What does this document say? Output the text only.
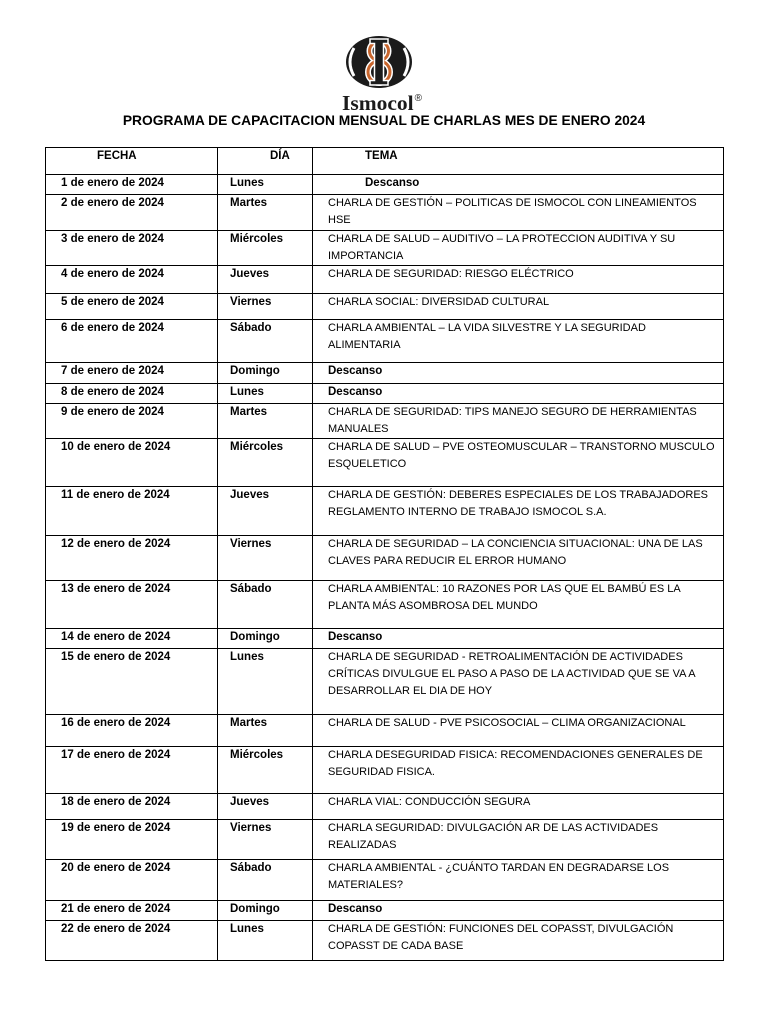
Ismocol®
PROGRAMA DE CAPACITACION MENSUAL DE CHARLAS MES DE ENERO 2024
FECHA	DÍA	TEMA
1 de enero de 2024	Lunes	Descanso
2 de enero de 2024	Martes	CHARLA DE GESTIÓN – POLITICAS DE ISMOCOL CON LINEAMIENTOS HSE
3 de enero de 2024	Miércoles	CHARLA DE SALUD – AUDITIVO – LA PROTECCION AUDITIVA Y SU IMPORTANCIA
4 de enero de 2024	Jueves	CHARLA DE SEGURIDAD: RIESGO ELÉCTRICO
5 de enero de 2024	Viernes	CHARLA SOCIAL: DIVERSIDAD CULTURAL
6 de enero de 2024	Sábado	CHARLA AMBIENTAL – LA VIDA SILVESTRE Y LA SEGURIDAD ALIMENTARIA
7 de enero de 2024	Domingo	Descanso
8 de enero de 2024	Lunes	Descanso
9 de enero de 2024	Martes	CHARLA DE SEGURIDAD: TIPS MANEJO SEGURO DE HERRAMIENTAS MANUALES
10 de enero de 2024	Miércoles	CHARLA DE SALUD – PVE OSTEOMUSCULAR – TRANSTORNO MUSCULO ESQUELETICO
11 de enero de 2024	Jueves	CHARLA DE GESTIÓN: DEBERES ESPECIALES DE LOS TRABAJADORES REGLAMENTO INTERNO DE TRABAJO ISMOCOL S.A.
12 de enero de 2024	Viernes	CHARLA DE SEGURIDAD – LA CONCIENCIA SITUACIONAL: UNA DE LAS CLAVES PARA REDUCIR EL ERROR HUMANO
13 de enero de 2024	Sábado	CHARLA AMBIENTAL: 10 RAZONES POR LAS QUE EL BAMBÚ ES LA PLANTA MÁS ASOMBROSA DEL MUNDO
14 de enero de 2024	Domingo	Descanso
15 de enero de 2024	Lunes	CHARLA DE SEGURIDAD - RETROALIMENTACIÓN DE ACTIVIDADES CRÍTICAS DIVULGUE EL PASO A PASO DE LA ACTIVIDAD QUE SE VA A DESARROLLAR EL DIA DE HOY
16 de enero de 2024	Martes	CHARLA DE SALUD - PVE PSICOSOCIAL – CLIMA ORGANIZACIONAL
17 de enero de 2024	Miércoles	CHARLA DESEGURIDAD FISICA: RECOMENDACIONES GENERALES DE SEGURIDAD FISICA.
18 de enero de 2024	Jueves	CHARLA VIAL: CONDUCCIÓN SEGURA
19 de enero de 2024	Viernes	CHARLA SEGURIDAD: DIVULGACIÓN AR DE LAS ACTIVIDADES REALIZADAS
20 de enero de 2024	Sábado	CHARLA AMBIENTAL - ¿CUÁNTO TARDAN EN DEGRADARSE LOS MATERIALES?
21 de enero de 2024	Domingo	Descanso
22 de enero de 2024	Lunes	CHARLA DE GESTIÓN: FUNCIONES DEL COPASST, DIVULGACIÓN COPASST DE CADA BASE
